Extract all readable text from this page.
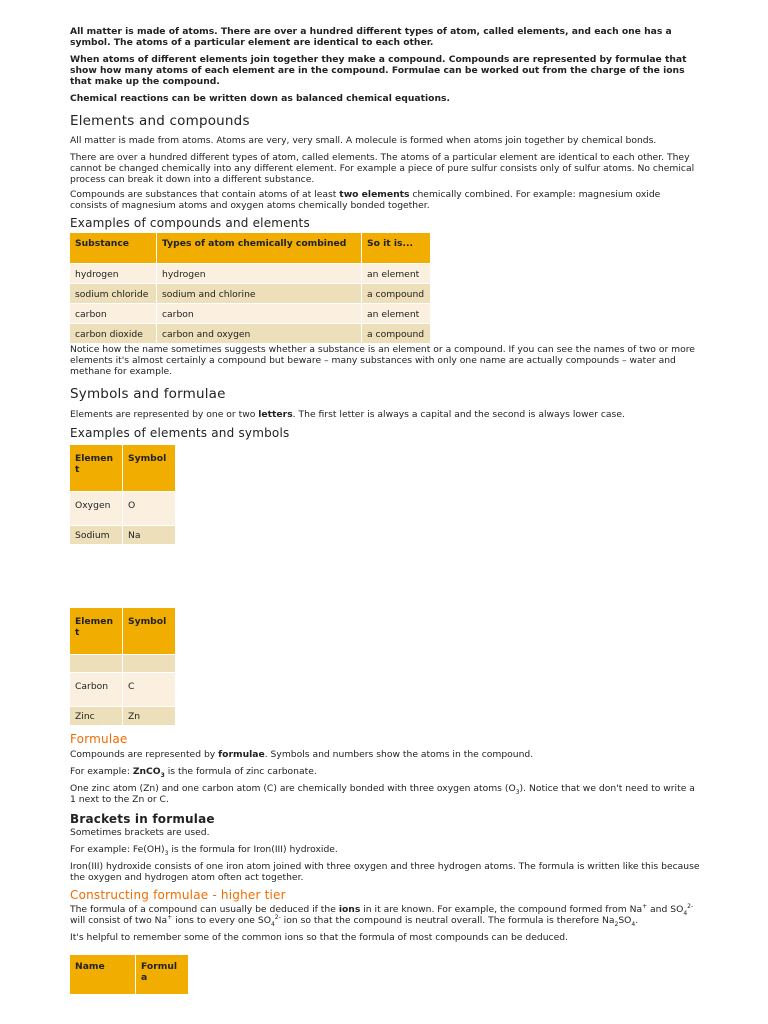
All matter is made of atoms. There are over a hundred different types of atom, called elements, and each one has a symbol. The atoms of a particular element are identical to each other.

When atoms of different elements join together they make a compound. Compounds are represented by formulae that show how many atoms of each element are in the compound. Formulae can be worked out from the charge of the ions that make up the compound.

Chemical reactions can be written down as balanced chemical equations.

Elements and compounds

All matter is made from atoms. Atoms are very, very small. A molecule is formed when atoms join together by chemical bonds.

There are over a hundred different types of atom, called elements. The atoms of a particular element are identical to each other. They cannot be changed chemically into any different element. For example a piece of pure sulfur consists only of sulfur atoms. No chemical process can break it down into a different substance.

Compounds are substances that contain atoms of at least two elements chemically combined. For example: magnesium oxide consists of magnesium atoms and oxygen atoms chemically bonded together.

Examples of compounds and elements
Substance	Types of atom chemically combined	So it is...
hydrogen	hydrogen	an element
sodium chloride	sodium and chlorine	a compound
carbon	carbon	an element
carbon dioxide	carbon and oxygen	a compound

Notice how the name sometimes suggests whether a substance is an element or a compound. If you can see the names of two or more elements it's almost certainly a compound but beware – many substances with only one name are actually compounds – water and methane for example.

Symbols and formulae

Elements are represented by one or two letters. The first letter is always a capital and the second is always lower case.

Examples of elements and symbols
Element	Symbol
Oxygen	O
Sodium	Na
Element	Symbol

Carbon	C
Zinc	Zn
Formulae

Compounds are represented by formulae. Symbols and numbers show the atoms in the compound.

For example: ZnCO$_3$ is the formula of zinc carbonate.

One zinc atom (Zn) and one carbon atom (C) are chemically bonded with three oxygen atoms $(O_3)$. Notice that we don't need to write a 1 next to the Zn or C.

Brackets in formulae

Sometimes brackets are used.

For example: $Fe(OH)_3$ is the formula for Iron(III) hydroxide.

Iron(III) hydroxide consists of one iron atom joined with three oxygen and three hydrogen atoms. The formula is written like this because the oxygen and hydrogen atom often act together.

Constructing formulae - higher tier

The formula of a compound can usually be deduced if the ions in it are known. For example, the compound formed from Na+ and $SO_4^{2-}$ will consist of two Na+ ions to every one $SO_4^{2-}$ ion so that the compound is neutral overall. The formula is therefore $Na_2SO_4$.

It's helpful to remember some of the common ions so that the formula of most compounds can be deduced.

Name	Formula
